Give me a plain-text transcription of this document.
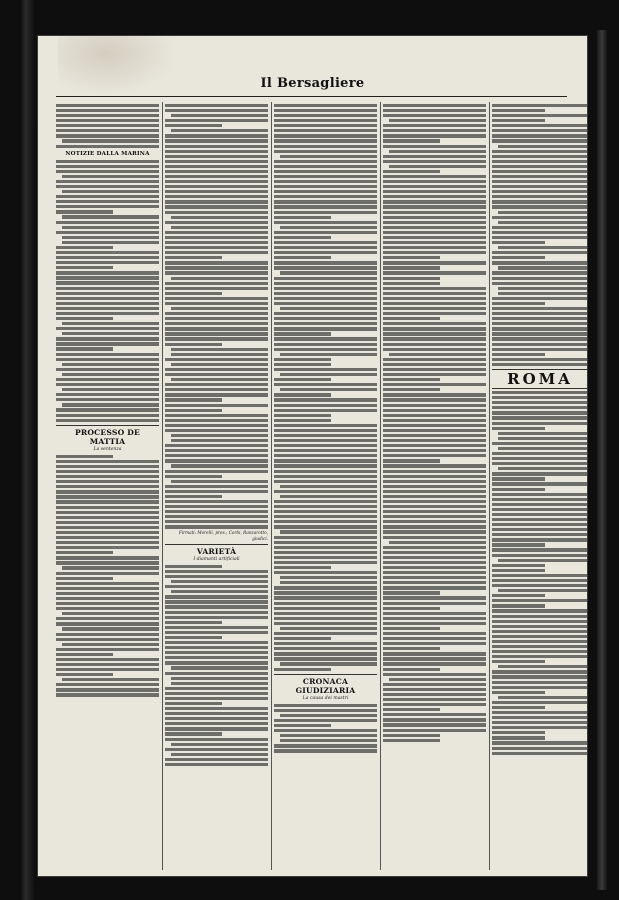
Il Bersagliere
NOTIZIE DALLA MARINA
PROCESSO DE MATTIA
La sentenza
Firmati: Morelli, pres.; Corbi, Ranzarotto, giudici.
VARIETÀ
I diamanti artificiali
CRONACA GIUDIZIARIA
La causa dei mastri
ROMA
